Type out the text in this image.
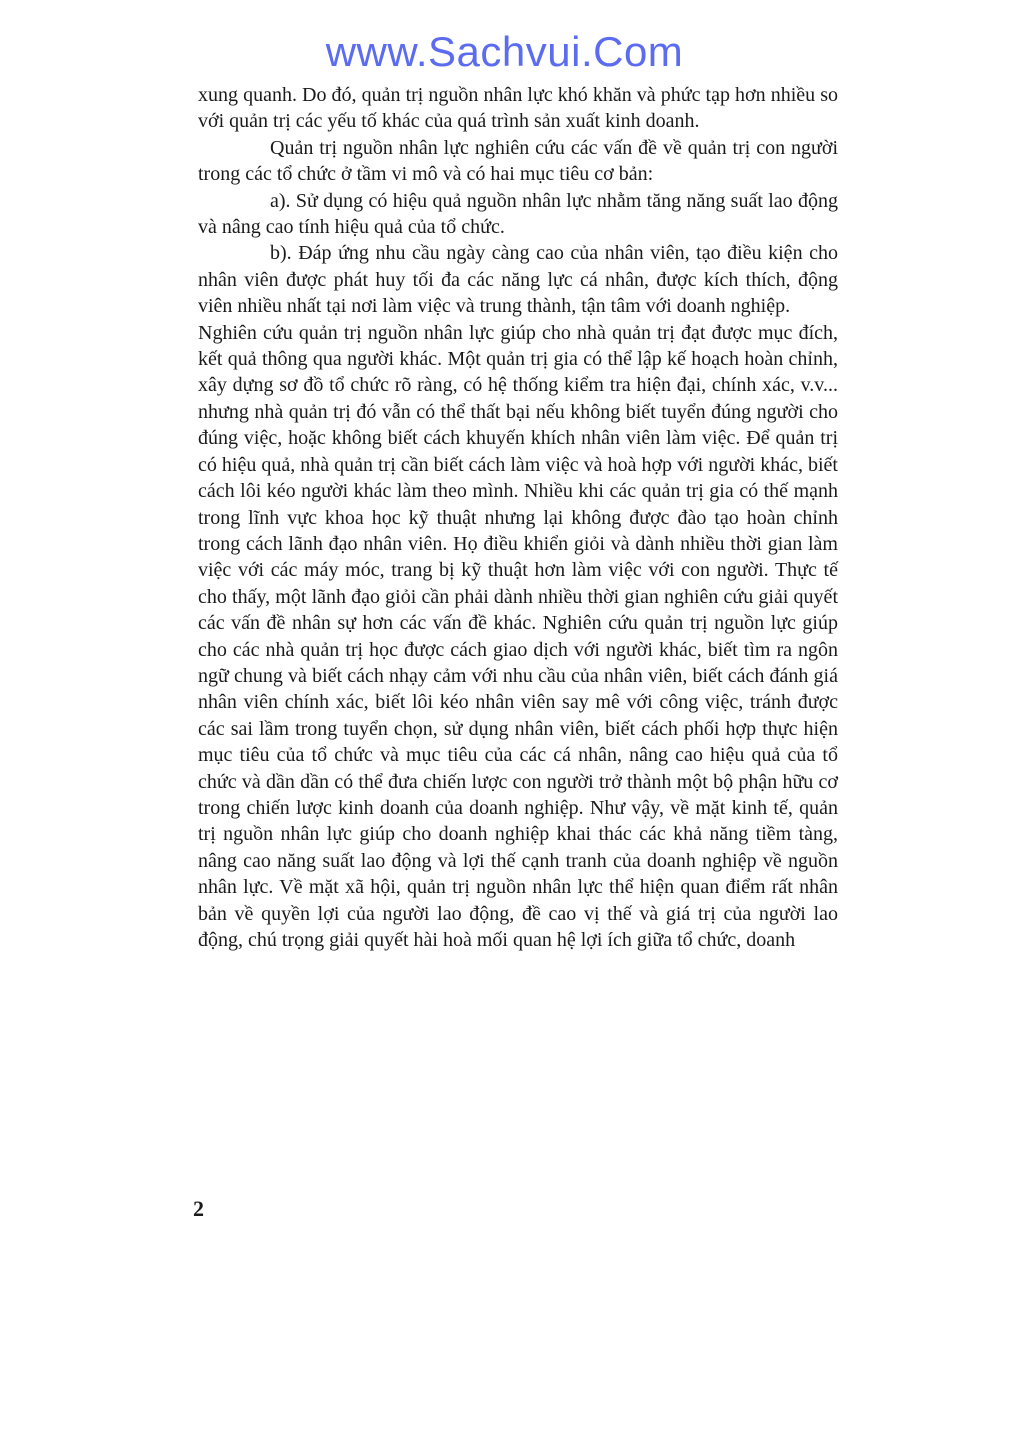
www.Sachvui.Com

xung quanh. Do đó, quản trị nguồn nhân lực khó khăn và phức tạp hơn nhiều so với quản trị các yếu tố khác của quá trình sản xuất kinh doanh.

Quản trị nguồn nhân lực nghiên cứu các vấn đề về quản trị con người trong các tổ chức ở tầm vi mô và có hai mục tiêu cơ bản:

a). Sử dụng có hiệu quả nguồn nhân lực nhằm tăng năng suất lao động và nâng cao tính hiệu quả của tổ chức.

b). Đáp ứng nhu cầu ngày càng cao của nhân viên, tạo điều kiện cho nhân viên được phát huy tối đa các năng lực cá nhân, được kích thích, động viên nhiều nhất tại nơi làm việc và trung thành, tận tâm với doanh nghiệp.

Nghiên cứu quản trị nguồn nhân lực giúp cho nhà quản trị đạt được mục đích, kết quả thông qua người khác. Một quản trị gia có thể lập kế hoạch hoàn chỉnh, xây dựng sơ đồ tổ chức rõ ràng, có hệ thống kiểm tra hiện đại, chính xác, v.v... nhưng nhà quản trị đó vẫn có thể thất bại nếu không biết tuyển đúng người cho đúng việc, hoặc không biết cách khuyến khích nhân viên làm việc. Để quản trị có hiệu quả, nhà quản trị cần biết cách làm việc và hoà hợp với người khác, biết cách lôi kéo người khác làm theo mình. Nhiều khi các quản trị gia có thế mạnh trong lĩnh vực khoa học kỹ thuật nhưng lại không được đào tạo hoàn chỉnh trong cách lãnh đạo nhân viên. Họ điều khiển giỏi và dành nhiều thời gian làm việc với các máy móc, trang bị kỹ thuật hơn làm việc với con người. Thực tế cho thấy, một lãnh đạo giỏi cần phải dành nhiều thời gian nghiên cứu giải quyết các vấn đề nhân sự hơn các vấn đề khác. Nghiên cứu quản trị nguồn lực giúp cho các nhà quản trị học được cách giao dịch với người khác, biết tìm ra ngôn ngữ chung và biết cách nhạy cảm với nhu cầu của nhân viên, biết cách đánh giá nhân viên chính xác, biết lôi kéo nhân viên say mê với công việc, tránh được các sai lầm trong tuyển chọn, sử dụng nhân viên, biết cách phối hợp thực hiện mục tiêu của tổ chức và mục tiêu của các cá nhân, nâng cao hiệu quả của tổ chức và dần dần có thể đưa chiến lược con người trở thành một bộ phận hữu cơ trong chiến lược kinh doanh của doanh nghiệp. Như vậy, về mặt kinh tế, quản trị nguồn nhân lực giúp cho doanh nghiệp khai thác các khả năng tiềm tàng, nâng cao năng suất lao động và lợi thế cạnh tranh của doanh nghiệp về nguồn nhân lực. Về mặt xã hội, quản trị nguồn nhân lực thể hiện quan điểm rất nhân bản về quyền lợi của người lao động, đề cao vị thế và giá trị của người lao động, chú trọng giải quyết hài hoà mối quan hệ lợi ích giữa tổ chức, doanh

2
